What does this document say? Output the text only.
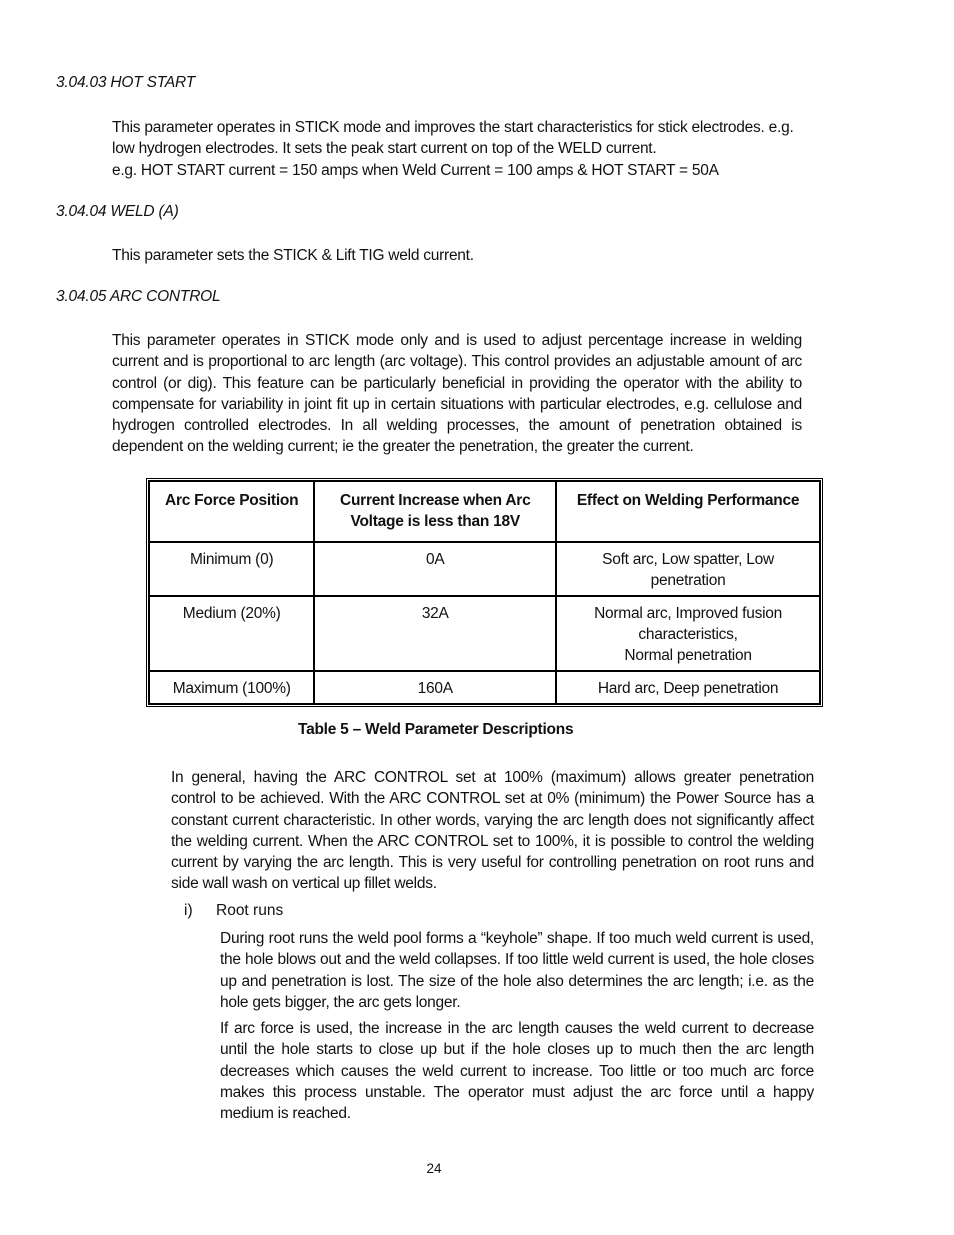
3.04.03 HOT START

This parameter operates in STICK mode and improves the start characteristics for stick electrodes. e.g.

low hydrogen electrodes. It sets the peak start current on top of the WELD current.

e.g. HOT START current = 150 amps when Weld Current = 100 amps & HOT START = 50A

3.04.04 WELD (A)
This parameter sets the STICK & Lift TIG weld current.
3.04.05 ARC CONTROL
This parameter operates in STICK mode only and is used to adjust percentage increase in welding current and is proportional to arc length (arc voltage). This control provides an adjustable amount of arc control (or dig). This feature can be particularly beneficial in providing the operator with the ability to compensate for variability in joint fit up in certain situations with particular electrodes, e.g. cellulose and hydrogen controlled electrodes. In all welding processes, the amount of penetration obtained is dependent on the welding current; ie the greater the penetration, the greater the current.
Arc Force Position	Current Increase when Arc Voltage is less than 18V	Effect on Welding Performance
Minimum (0)	0A	Soft arc, Low spatter, Low penetration
Medium (20%)	32A	Normal arc, Improved fusion characteristics,
Normal penetration

Maximum (100%)	160A	Hard arc, Deep penetration
Table 5 – Weld Parameter Descriptions
In general, having the ARC CONTROL set at 100% (maximum) allows greater penetration control to be achieved. With the ARC CONTROL set at 0% (minimum) the Power Source has a constant current characteristic. In other words, varying the arc length does not significantly affect the welding current. When the ARC CONTROL set to 100%, it is possible to control the welding current by varying the arc length. This is very useful for controlling penetration on root runs and side wall wash on vertical up fillet welds.
i) Root runs
During root runs the weld pool forms a “keyhole” shape. If too much weld current is used, the hole blows out and the weld collapses. If too little weld current is used, the hole closes up and penetration is lost. The size of the hole also determines the arc length; i.e. as the hole gets bigger, the arc gets longer.
If arc force is used, the increase in the arc length causes the weld current to decrease until the hole starts to close up but if the hole closes up to much then the arc length decreases which causes the weld current to increase. Too little or too much arc force makes this process unstable. The operator must adjust the arc force until a happy medium is reached.
24
